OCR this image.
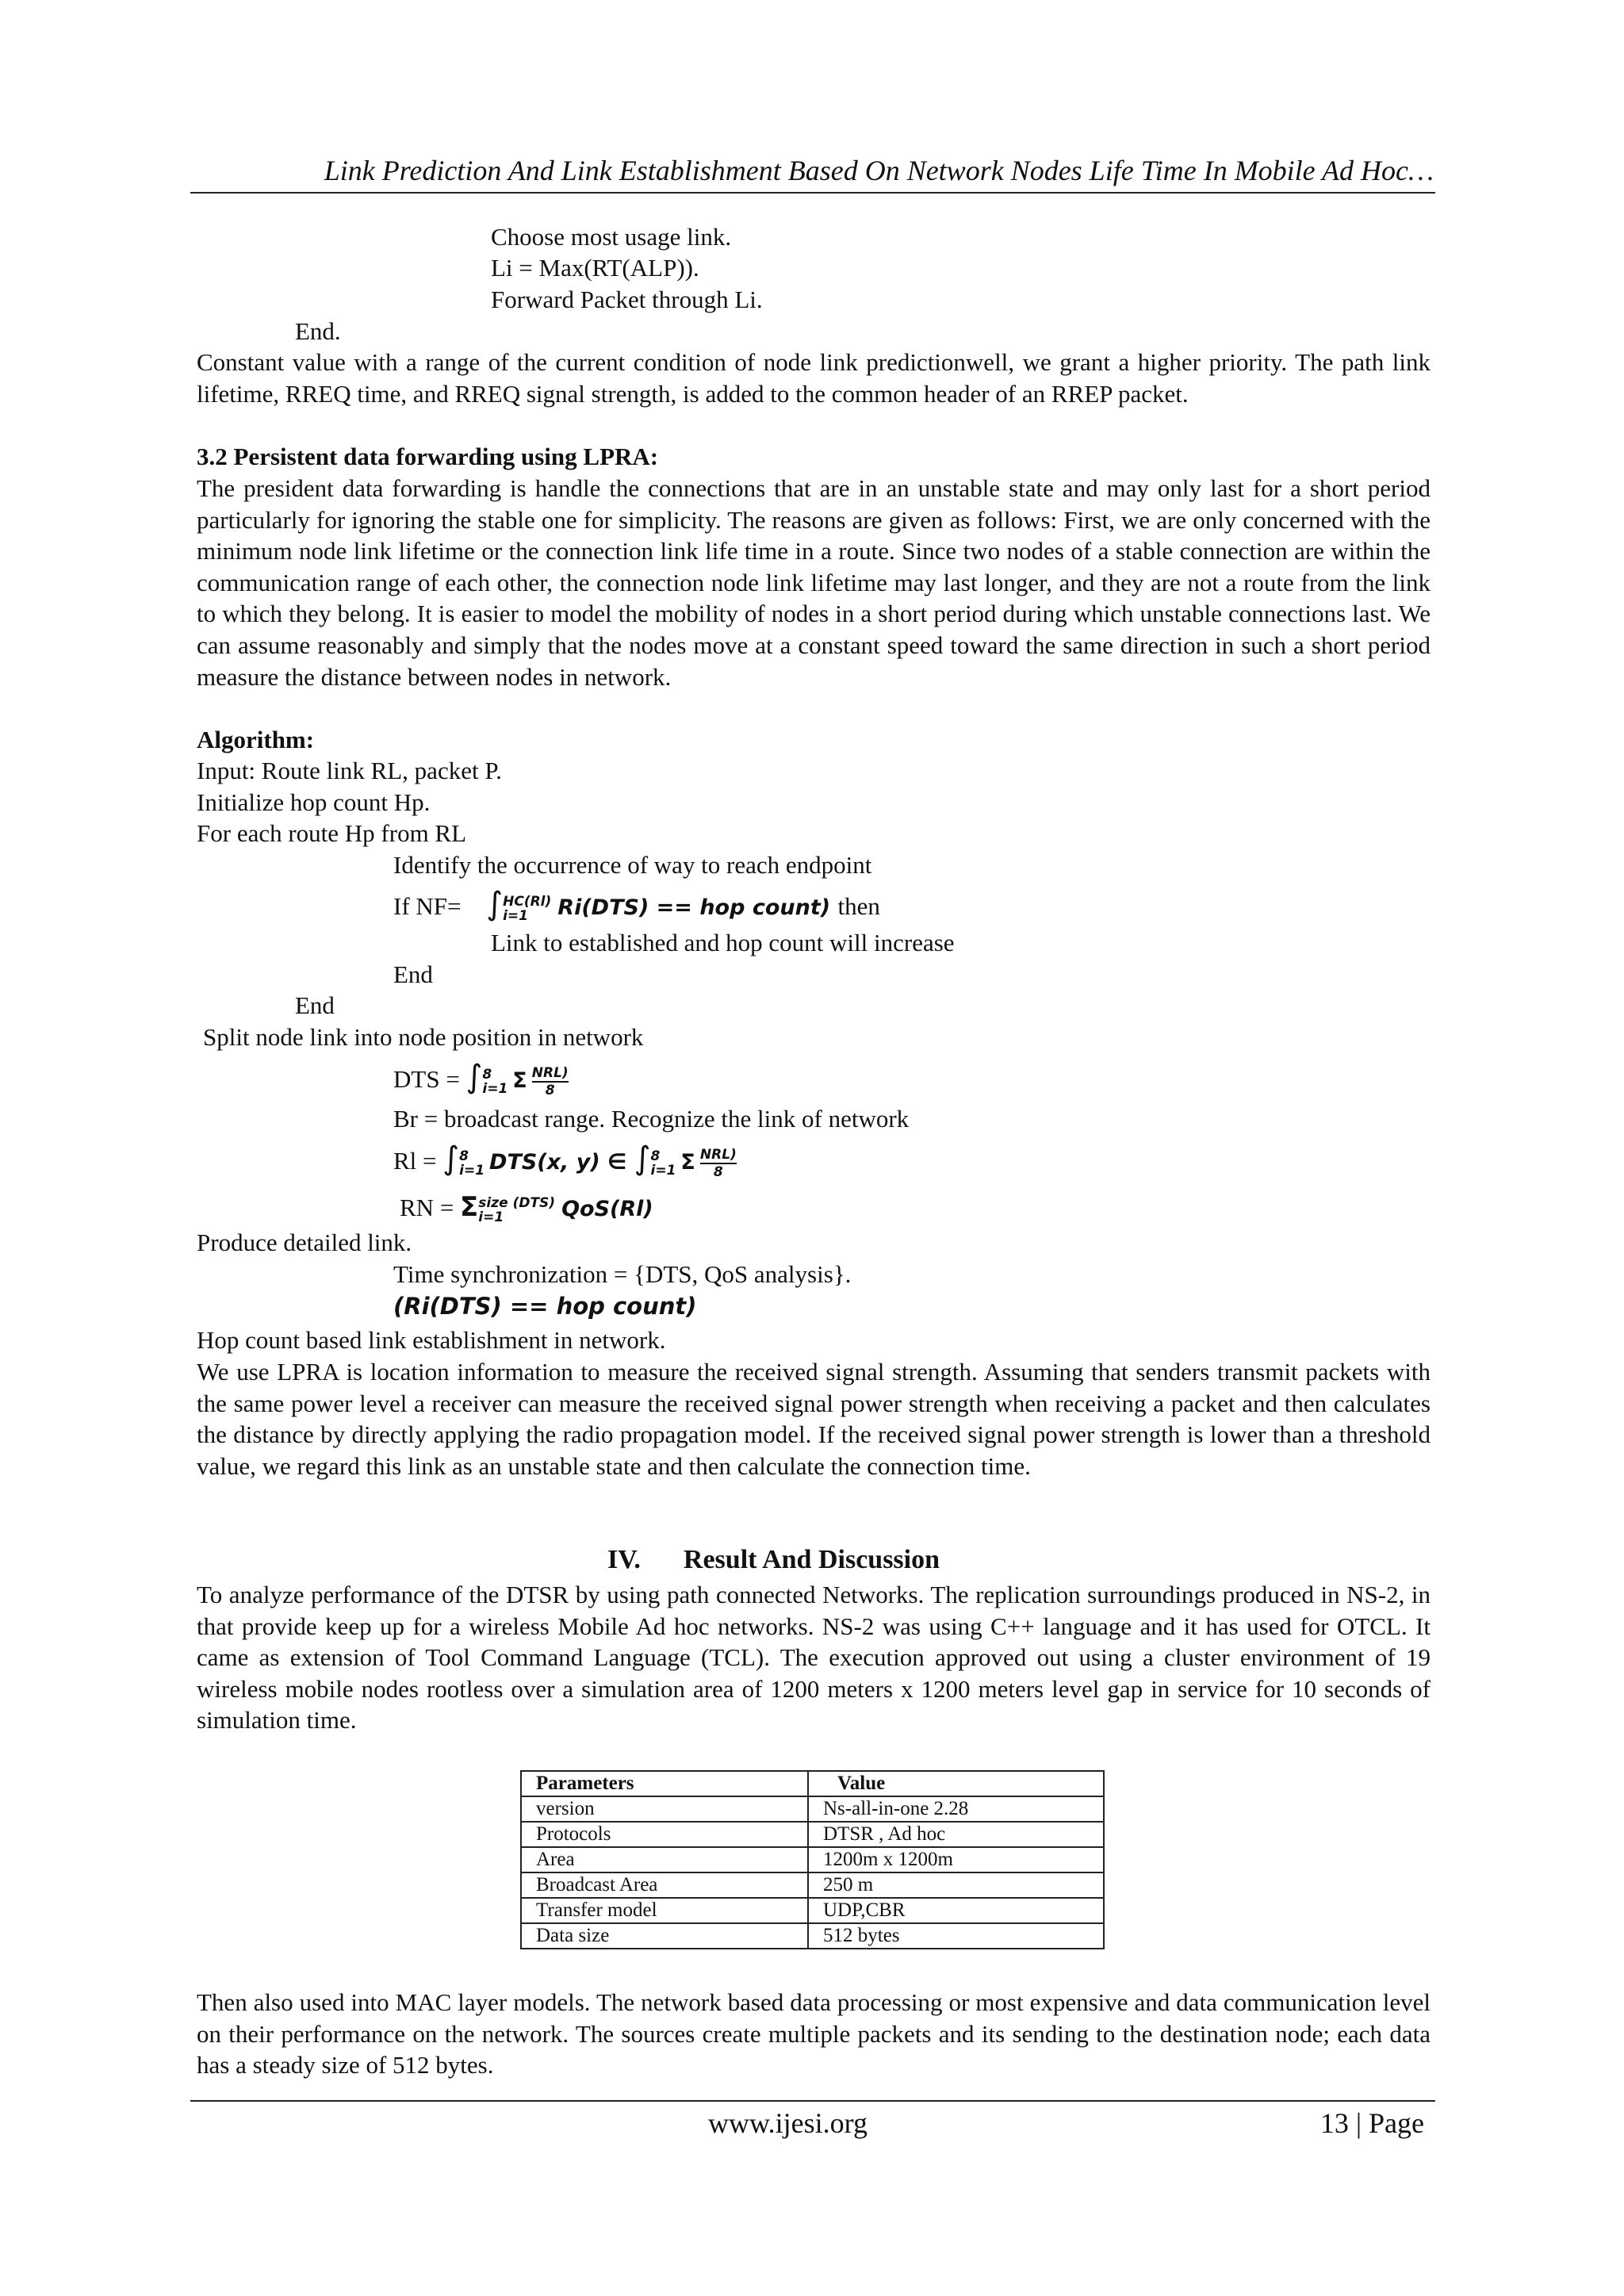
Link Prediction And Link Establishment Based On Network Nodes Life Time In Mobile Ad Hoc…
Choose most usage link.
Li = Max(RT(ALP)).
Forward Packet through Li.
End.
Constant value with a range of the current condition of node link predictionwell, we grant a higher priority. The path link lifetime, RREQ time, and RREQ signal strength, is added to the common header of an RREP packet.
3.2 Persistent data forwarding using LPRA:
The president data forwarding is handle the connections that are in an unstable state and may only last for a short period particularly for ignoring the stable one for simplicity. The reasons are given as follows: First, we are only concerned with the minimum node link lifetime or the connection link life time in a route. Since two nodes of a stable connection are within the communication range of each other, the connection node link lifetime may last longer, and they are not a route from the link to which they belong. It is easier to model the mobility of nodes in a short period during which unstable connections last. We can assume reasonably and simply that the nodes move at a constant speed toward the same direction in such a short period measure the distance between nodes in network.
Algorithm:
Input: Route link RL, packet P.
Initialize hop count Hp.
For each route Hp from RL
Identify the occurrence of way to reach endpoint
If NF= ∫HC(Rl)
i=1 Ri(DTS) == hop count) then
Link to established and hop count will increase
End
End
Split node link into node position in network
DTS = ∫8
i=1 Σ NRL)
8
Br = broadcast range. Recognize the link of network
Rl = ∫8
i=1 DTS(x, y) ∈ ∫8
i=1 Σ NRL)
8
RN = Σsize (DTS)
i=1	QoS(Rl)
Produce detailed link.
Time synchronization = {DTS, QoS analysis}.
(Ri(DTS) == hop count)
Hop count based link establishment in network.
We use LPRA is location information to measure the received signal strength. Assuming that senders transmit packets with the same power level a receiver can measure the received signal power strength when receiving a packet and then calculates the distance by directly applying the radio propagation model. If the received signal power strength is lower than a threshold value, we regard this link as an unstable state and then calculate the connection time.
IV. Result And Discussion
To analyze performance of the DTSR by using path connected Networks. The replication surroundings produced in NS-2, in that provide keep up for a wireless Mobile Ad hoc networks. NS-2 was using C++ language and it has used for OTCL. It came as extension of Tool Command Language (TCL). The execution approved out using a cluster environment of 19 wireless mobile nodes rootless over a simulation area of 1200 meters x 1200 meters level gap in service for 10 seconds of simulation time.
Parameters	Value
version	Ns-all-in-one 2.28
Protocols	DTSR , Ad hoc
Area	1200m x 1200m
Broadcast Area	250 m
Transfer model	UDP,CBR
Data size	512 bytes
Then also used into MAC layer models. The network based data processing or most expensive and data communication level on their performance on the network. The sources create multiple packets and its sending to the destination node; each data has a steady size of 512 bytes.
www.ijesi.org	13 | Page
